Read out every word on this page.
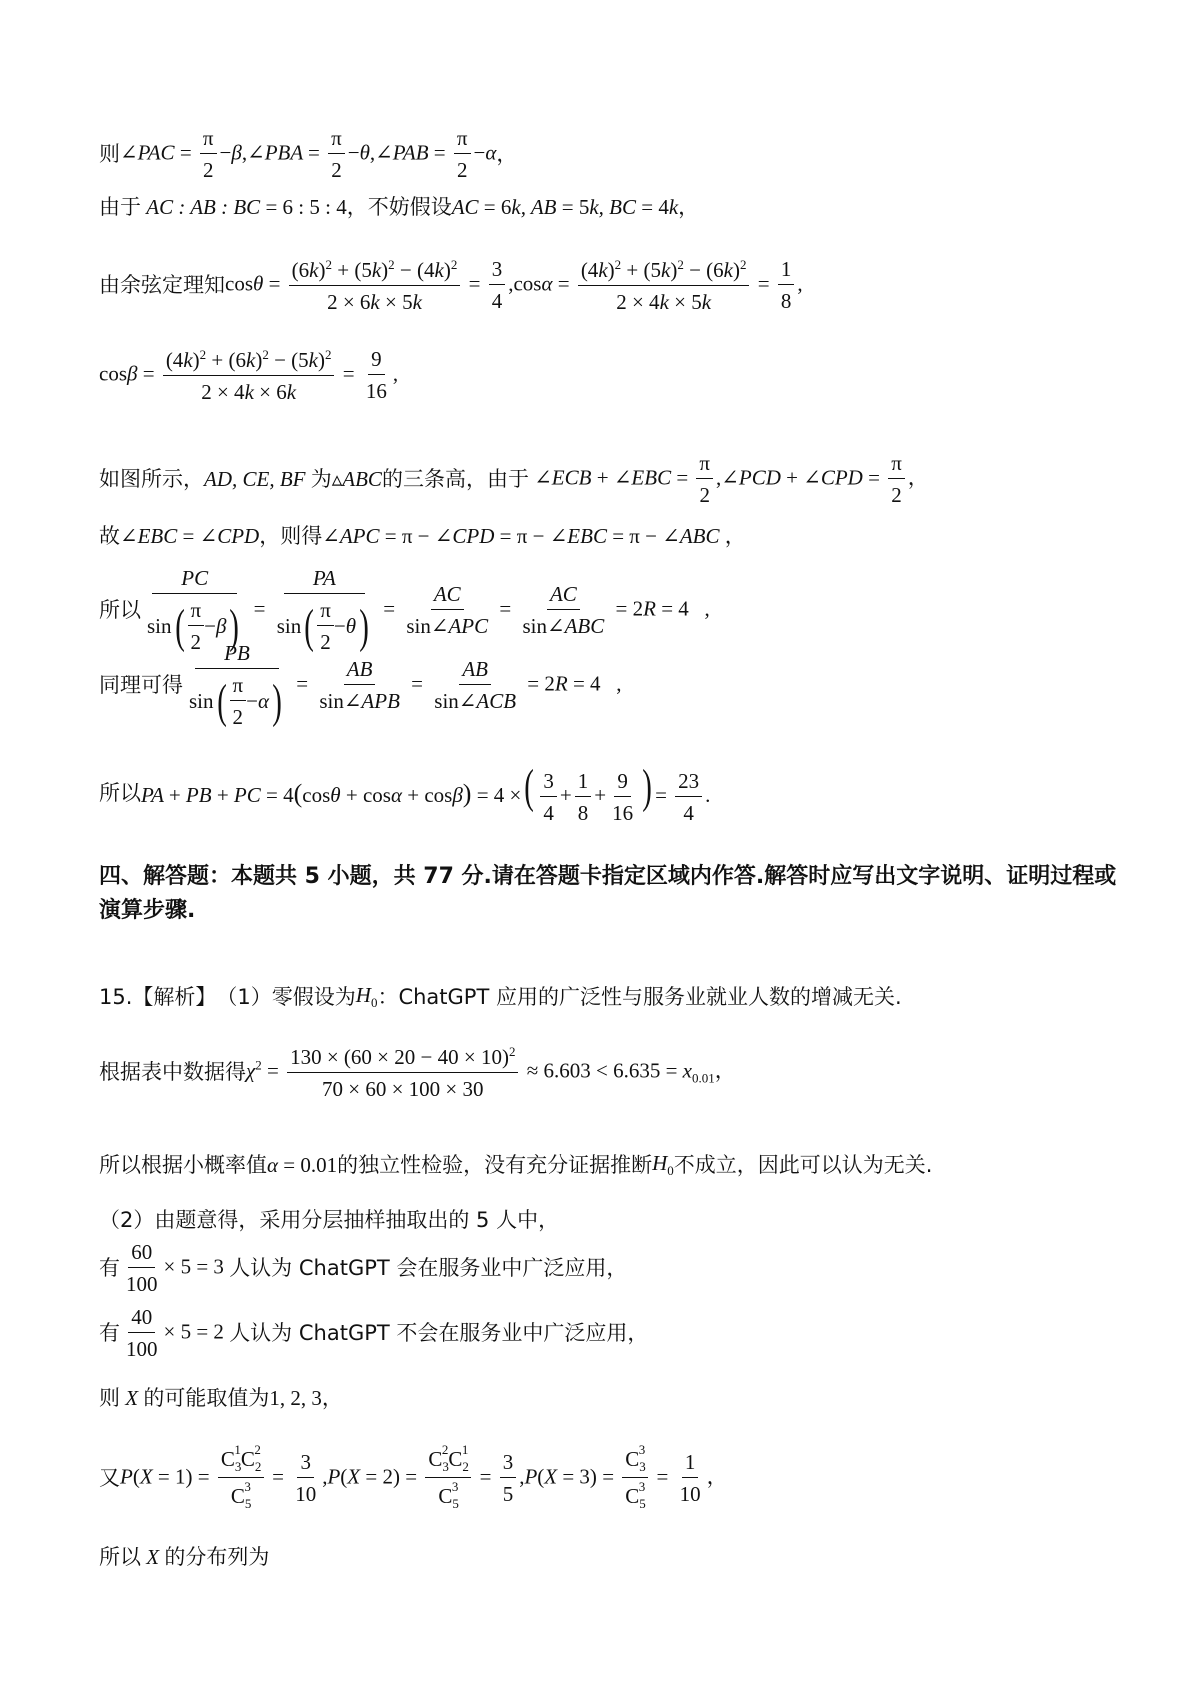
则 ∠PAC = $\frac{\pi}{2}$ −β,∠PBA = $\frac{\pi}{2}$ −θ,∠PAB = $\frac{\pi}{2} -\alpha$ ，
由于 AC : AB : BC = 6 : 5 : 4 ，不妨假设 AC = 6k, AB = 5k, BC = 4k ，
由余弦定理知 $\cos\theta = \frac{(6k)^2 + (5k)^2 - (4k)^2}{2 \times 6k \times 5k} = \frac{3}{4} ,\cos\alpha = \frac{(4k)^2 + (5k)^2 - (6k)^2}{2 \times 4k \times 5k} = \frac{1}{8}$ ,
$\cos\beta = \frac{(4k)^2 + (6k)^2 - (5k)^2}{2 \times 4k \times 6k} = \frac{9}{16}$ ,
如图所示， AD, CE, BF 为 ▵ABC 的三条高，由于 ∠ECB + ∠EBC = $\frac{\pi}{2}$ ,∠PCD + ∠CPD = $\frac{\pi}{2}$ ，
故 ∠EBC = ∠CPD ，则得 ∠APC = π − ∠CPD = π − ∠EBC = π − ∠ABC ，
所以 $\frac{PC}{\sin ( \frac{\pi}{2} - \beta )} = \frac{PA}{\sin ( \frac{\pi}{2} - \theta )} = \frac{AC}{\text{sin∠APC}} = \frac{AC}{\text{sin∠ABC}} = 2R = 4$   ,
同理可得 $\frac{PB}{\sin ( \frac{\pi}{2} - \alpha )} = \frac{AB}{\text{sin∠APB}} = \frac{AB}{\text{sin∠ACB}} = 2R = 4$   ,
所以 PA + PB + PC = 4(cosθ + cosα + cosβ) = 4 ×( $\frac{3}{4} + \frac{1}{8} + \frac{9}{16}$ ) = $\frac{23}{4}$ .
四、解答题：本题共 5 小题，共 77 分.请在答题卡指定区域内作答.解答时应写出文字说明、证明过程或演算步骤.
15.【解析】 （1）零假设为 $H_0$ ：ChatGPT 应用的广泛性与服务业就业人数的增减无关.
根据表中数据得 $\chi^2 = \frac{130 \times (60 \times 20 - 40 \times 10)^2}{70 \times 60 \times 100 \times 30} \approx 6.603 < 6.635 = x_{0.01}$，
所以根据小概率值 α = 0.01 的独立性检验，没有充分证据推断 $H_0$ 不成立，因此可以认为无关.
（2）由题意得，采用分层抽样抽取出的 5 人中，
有 $\frac{60}{100} \times 5 = 3$ 人认为 ChatGPT 会在服务业中广泛应用，
有 $\frac{40}{100} \times 5 = 2$ 人认为 ChatGPT 不会在服务业中广泛应用，
则 X 的可能取值为 1, 2, 3 ，
又 $P(X = 1) = \frac{C_3^1C_2^2}{C_5^3} = \frac{3}{10} ,P(X = 2) = \frac{C_3^2C_2^1}{C_5^3} = \frac{3}{5} ,P(X = 3) = \frac{C_3^3}{C_5^3} = \frac{1}{10}$ ，
所以 X 的分布列为
